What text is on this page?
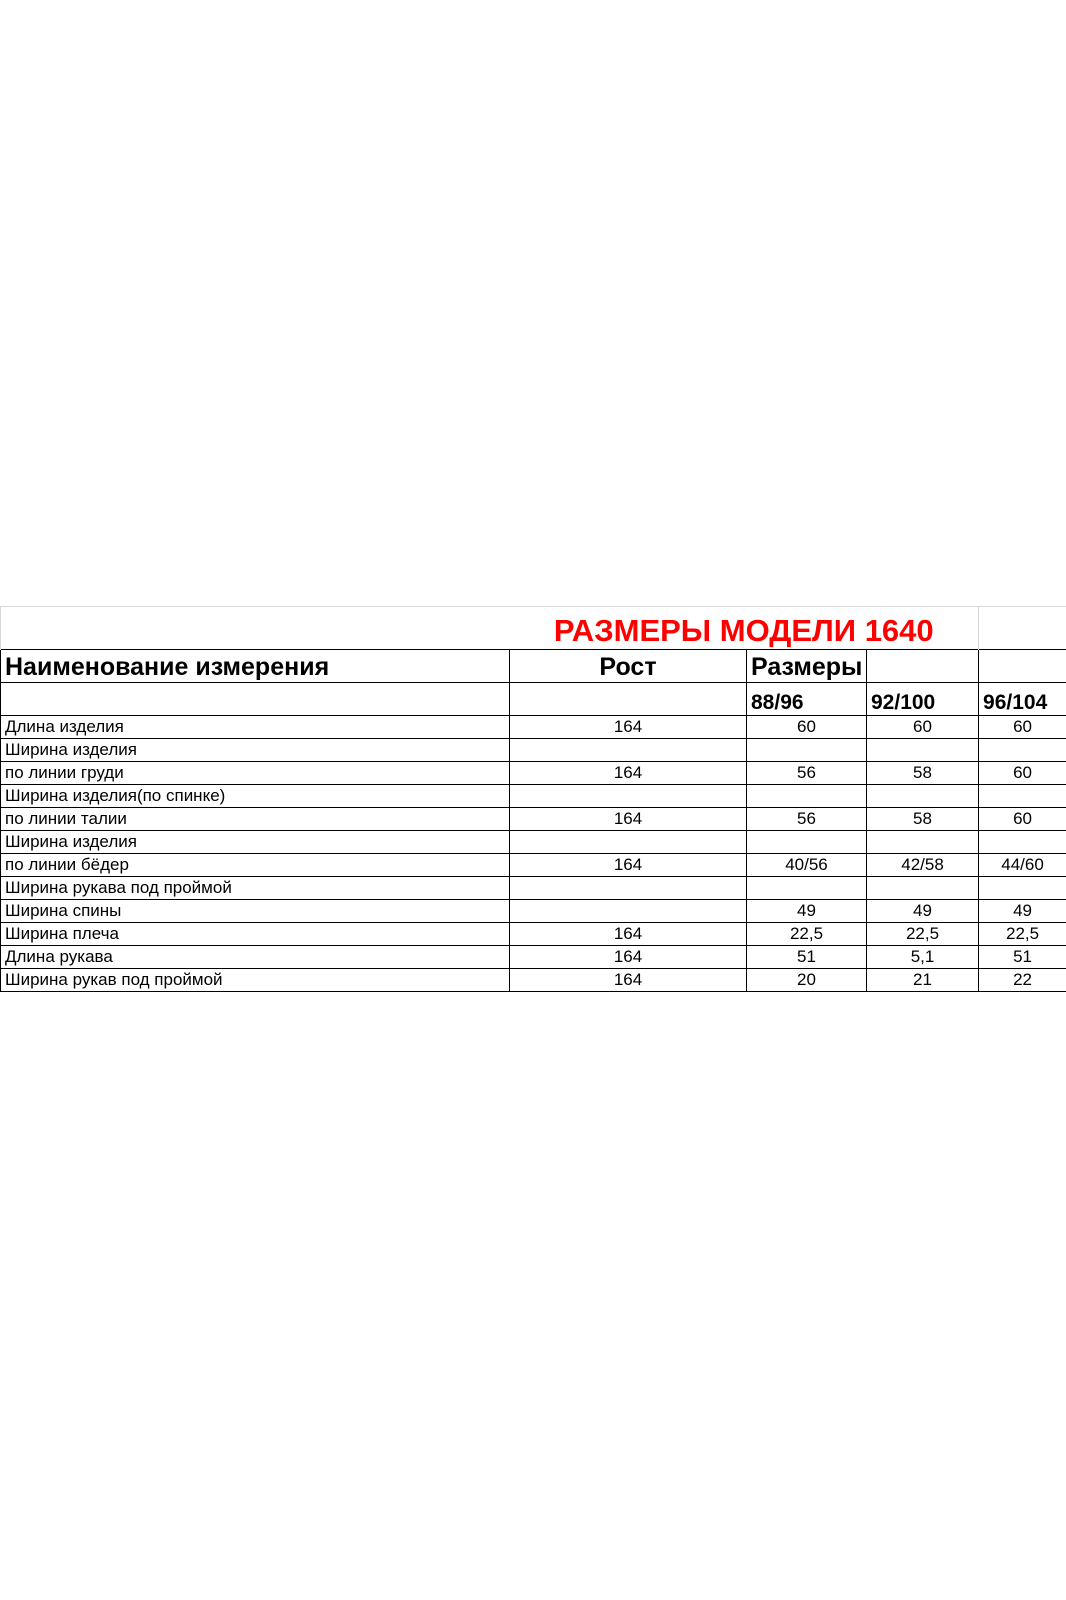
	РАЗМЕРЫ МОДЕЛИ 1640			
Наименование измерения	Рост	Размеры		
		88/96	92/100	96/104
Длина изделия	164	60	60	60
Ширина изделия				
по линии груди	164	56	58	60
Ширина изделия(по спинке)				
по линии талии	164	56	58	60
Ширина изделия				
по линии бёдер	164	40/56	42/58	44/60
Ширина рукава под проймой				
Ширина спины		49	49	49
Ширина плеча	164	22,5	22,5	22,5
Длина рукава	164	51	5,1	51
Ширина рукав под проймой	164	20	21	22
